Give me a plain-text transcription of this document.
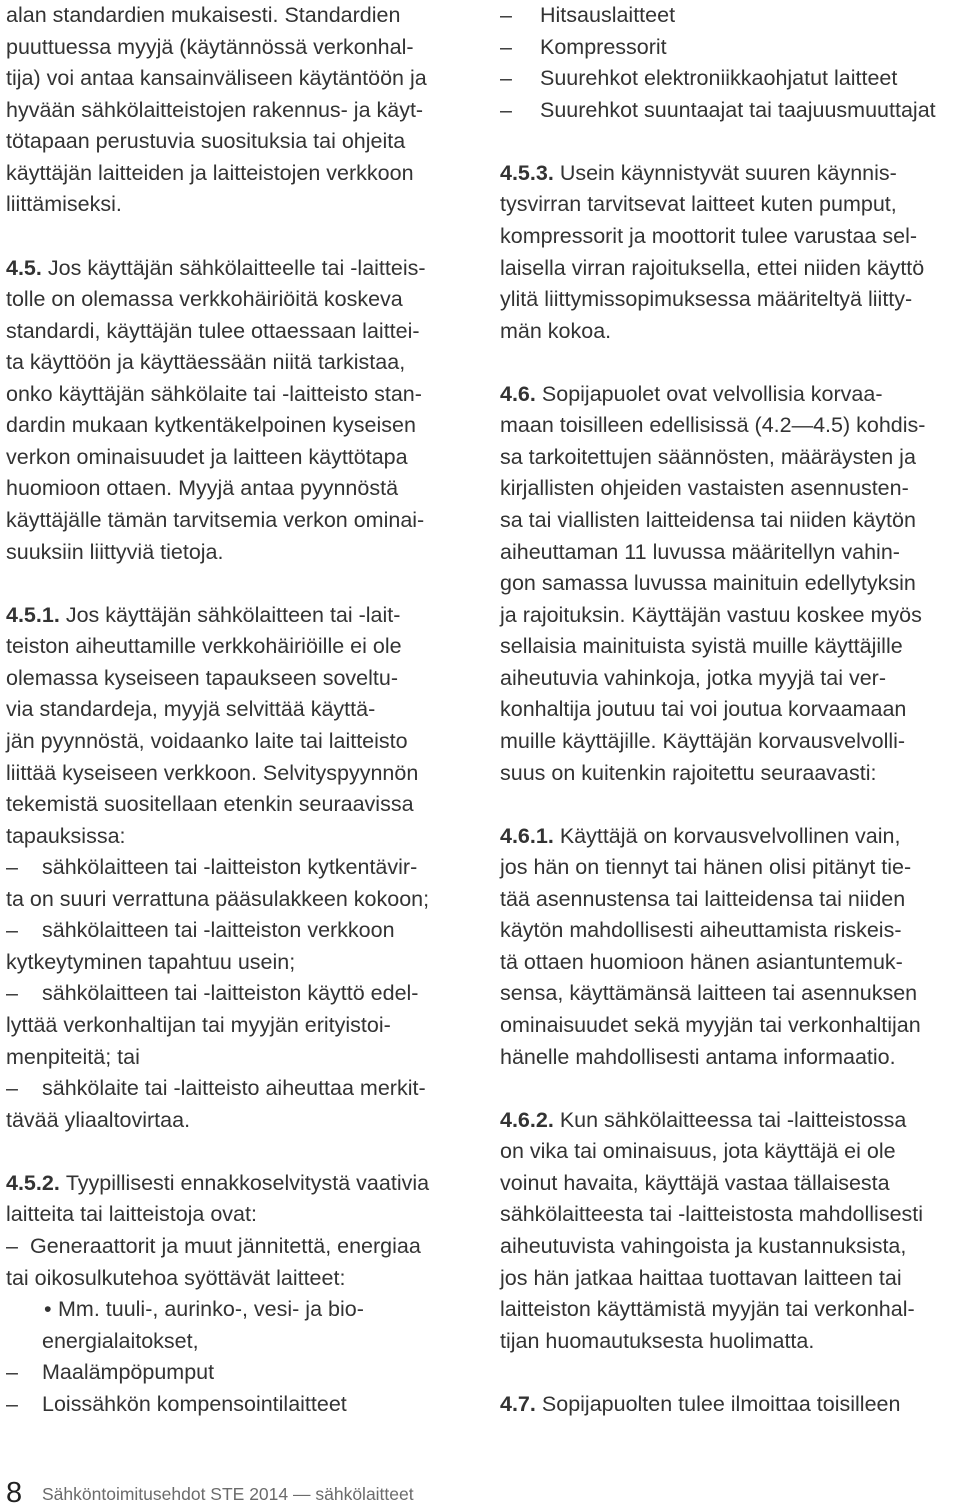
alan standardien mukaisesti. Standardien
puuttuessa myyjä (käytännössä verkonhal-
tija) voi antaa kansainväliseen käytäntöön ja
hyvään sähkölaitteistojen rakennus- ja käyt-
tötapaan perustuvia suosituksia tai ohjeita
käyttäjän laitteiden ja laitteistojen verkkoon
liittämiseksi.
4.5. Jos käyttäjän sähkölaitteelle tai -laitteis-
tolle on olemassa verkkohäiriöitä koskeva
standardi, käyttäjän tulee ottaessaan laittei-
ta käyttöön ja käyttäessään niitä tarkistaa,
onko käyttäjän sähkölaite tai -laitteisto stan-
dardin mukaan kytkentäkelpoinen kyseisen
verkon ominaisuudet ja laitteen käyttötapa
huomioon ottaen. Myyjä antaa pyynnöstä
käyttäjälle tämän tarvitsemia verkon ominai-
suuksiin liittyviä tietoja.
4.5.1. Jos käyttäjän sähkölaitteen tai -lait-
teiston aiheuttamille verkkohäiriöille ei ole
olemassa kyseiseen tapaukseen soveltu-
via standardeja, myyjä selvittää käyttä-
jän pyynnöstä, voidaanko laite tai laitteisto
liittää kyseiseen verkkoon. Selvityspyynnön
tekemistä suositellaan etenkin seuraavissa
tapauksissa:
– sähkölaitteen tai -laitteiston kytkentävir-
ta on suuri verrattuna pääsulakkeen kokoon;
– sähkölaitteen tai -laitteiston verkkoon
kytkeytyminen tapahtuu usein;
– sähkölaitteen tai -laitteiston käyttö edel-
lyttää verkonhaltijan tai myyjän erityistoi-
menpiteitä; tai
– sähkölaite tai -laitteisto aiheuttaa merkit-
tävää yliaaltovirtaa.
4.5.2. Tyypillisesti ennakkoselvitystä vaativia
laitteita tai laitteistoja ovat:
– Generaattorit ja muut jännitettä, energiaa
tai oikosulkutehoa syöttävät laitteet:
• Mm. tuuli-, aurinko-, vesi- ja bio-
energialaitokset,
– Maalämpöpumput
– Loissähkön kompensointilaitteet
– Hitsauslaitteet
– Kompressorit
– Suurehkot elektroniikkaohjatut laitteet
– Suurehkot suuntaajat tai taajuusmuuttajat
4.5.3. Usein käynnistyvät suuren käynnis-
tysvirran tarvitsevat laitteet kuten pumput,
kompressorit ja moottorit tulee varustaa sel-
laisella virran rajoituksella, ettei niiden käyttö
ylitä liittymissopimuksessa määriteltyä liitty-
män kokoa.
4.6. Sopijapuolet ovat velvollisia korvaa-
maan toisilleen edellisissä (4.2—4.5) kohdis-
sa tarkoitettujen säännösten, määräysten ja
kirjallisten ohjeiden vastaisten asennusten-
sa tai viallisten laitteidensa tai niiden käytön
aiheuttaman 11 luvussa määritellyn vahin-
gon samassa luvussa mainituin edellytyksin
ja rajoituksin. Käyttäjän vastuu koskee myös
sellaisia mainituista syistä muille käyttäjille
aiheutuvia vahinkoja, jotka myyjä tai ver-
konhaltija joutuu tai voi joutua korvaamaan
muille käyttäjille. Käyttäjän korvausvelvolli-
suus on kuitenkin rajoitettu seuraavasti:
4.6.1. Käyttäjä on korvausvelvollinen vain,
jos hän on tiennyt tai hänen olisi pitänyt tie-
tää asennustensa tai laitteidensa tai niiden
käytön mahdollisesti aiheuttamista riskeis-
tä ottaen huomioon hänen asiantuntemuk-
sensa, käyttämänsä laitteen tai asennuksen
ominaisuudet sekä myyjän tai verkonhaltijan
hänelle mahdollisesti antama informaatio.
4.6.2. Kun sähkölaitteessa tai -laitteistossa
on vika tai ominaisuus, jota käyttäjä ei ole
voinut havaita, käyttäjä vastaa tällaisesta
sähkölaitteesta tai -laitteistosta mahdollisesti
aiheutuvista vahingoista ja kustannuksista,
jos hän jatkaa haittaa tuottavan laitteen tai
laitteiston käyttämistä myyjän tai verkonhal-
tijan huomautuksesta huolimatta.
4.7. Sopijapuolten tulee ilmoittaa toisilleen
8 Sähköntoimitusehdot STE 2014 — sähkölaitteet
